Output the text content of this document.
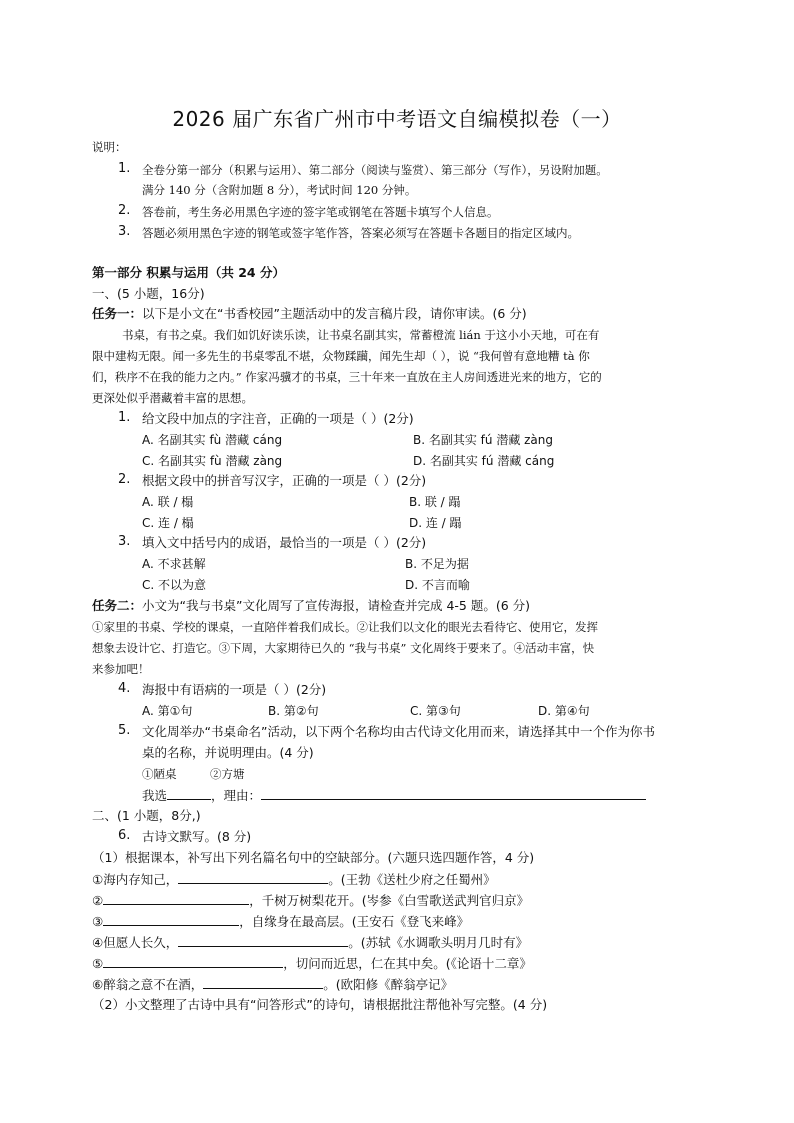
2026 届广东省广州市中考语文自编模拟卷（一）
说明：
1. 全卷分第一部分（积累与运用）、第二部分（阅读与鉴赏）、第三部分（写作），另设附加题。
满分 140 分（含附加题 8 分），考试时间 120 分钟。
2. 答卷前，考生务必用黑色字迹的签字笔或钢笔在答题卡填写个人信息。
3. 答题必须用黑色字迹的钢笔或签字笔作答，答案必须写在答题卡各题目的指定区域内。
第一部分 积累与运用（共 24 分）
一、(5 小题，16分)
任务一：以下是小文在“书香校园”主题活动中的发言稿片段，请你审读。(6 分)
书桌，有书之桌。我们如饥好读乐读，让书桌名副其实，常蓄橙流 lián 于这小小天地，可在有
限中建构无限。闻一多先生的书桌零乱不堪，众物蹂躏，闻先生却（ ），说 “我何曾有意地糟 tà 你
们，秩序不在我的能力之内。” 作家冯骥才的书桌，三十年来一直放在主人房间透进光来的地方，它的
更深处似乎潜藏着丰富的思想。
1. 给文段中加点的字注音，正确的一项是（ ）(2分)
A. 名副其实 fù 潜藏 cáng	B. 名副其实 fú 潜藏 zàng
C. 名副其实 fù 潜藏 zàng	D. 名副其实 fú 潜藏 cáng
2. 根据文段中的拼音写汉字，正确的一项是（ ）(2分)
A. 联 / 榻	B. 联 / 蹋
C. 连 / 榻	D. 连 / 蹋
3. 填入文中括号内的成语，最恰当的一项是（ ）(2分)
A. 不求甚解	B. 不足为据
C. 不以为意	D. 不言而喻
任务二：小文为“我与书桌”文化周写了宣传海报，请检查并完成 4-5 题。(6 分)
①家里的书桌、学校的课桌，一直陪伴着我们成长。②让我们以文化的眼光去看待它、使用它，发挥
想象去设计它、打造它。③下周，大家期待已久的 “我与书桌” 文化周终于要来了。④活动丰富，快
来参加吧！
4. 海报中有语病的一项是（ ）(2分)
A. 第①句	B. 第②句	C. 第③句	D. 第④句
5. 文化周举办“书桌命名”活动，以下两个名称均由古代诗文化用而来，请选择其中一个作为你书
桌的名称，并说明理由。(4 分)
①陋桌	②方塘
我选	，理由：
二、(1 小题，8分,)
6. 古诗文默写。(8 分)
（1）根据课本，补写出下列名篇名句中的空缺部分。(六题只选四题作答，4 分)
①海内存知己，	。(王勃《送杜少府之任蜀州》
②	，千树万树梨花开。(岑参《白雪歌送武判官归京》
③	，自缘身在最高层。(王安石《登飞来峰》
④但愿人长久，	。(苏轼《水调歌头明月几时有》
⑤	，切问而近思，仁在其中矣。(《论语十二章》
⑥醉翁之意不在酒，	。(欧阳修《醉翁亭记》
（2）小文整理了古诗中具有“问答形式”的诗句，请根据批注帮他补写完整。(4 分)
